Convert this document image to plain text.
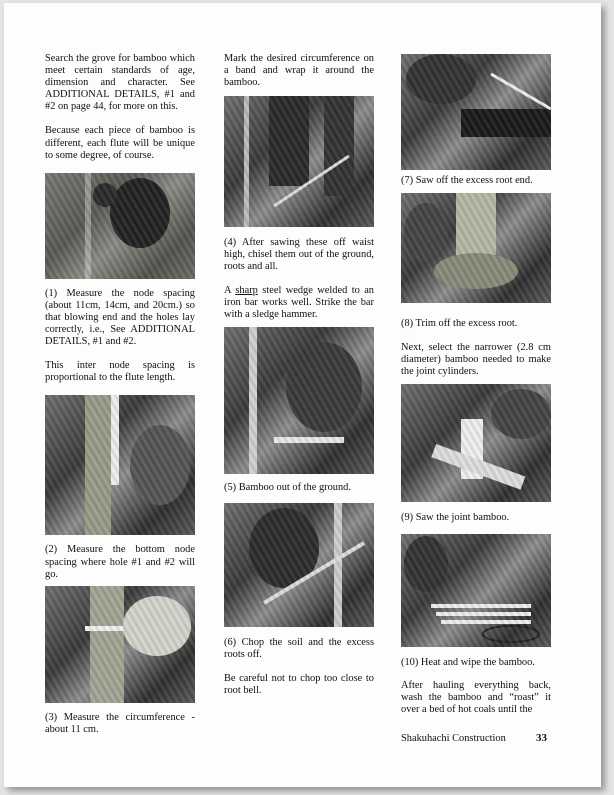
Search the grove for bamboo which meet certain standards of age, dimension and character. See ADDITIONAL DETAILS, #1 and #2 on page 44, for more on this.

Because each piece of bamboo is different, each flute will be unique to some degree, of course.

(1) Measure the node spacing (about 11cm, 14cm, and 20cm.) so that blowing end and the holes lay correctly, i.e., See ADDITIONAL DETAILS, #1 and #2.

This inter node spacing is proportional to the flute length.

(2) Measure the bottom node spacing where hole #1 and #2 will go.

(3) Measure the circumference - about 11 cm.

Mark the desired circumference on a band and wrap it around the bamboo.

(4) After sawing these off waist high, chisel them out of the ground, roots and all.

A sharp steel wedge welded to an iron bar works well. Strike the bar with a sledge hammer.

(5) Bamboo out of the ground.

(6) Chop the soil and the excess roots off.

Be careful not to chop too close to root bell.

(7) Saw off the excess root end.

(8) Trim off the excess root.

Next, select the narrower (2.8 cm diameter) bamboo needed to make the joint cylinders.

(9) Saw the joint bamboo.

(10) Heat and wipe the bamboo.

After hauling everything back, wash the bamboo and “roast” it over a bed of hot coals until the

Shakuhachi Construction	33
